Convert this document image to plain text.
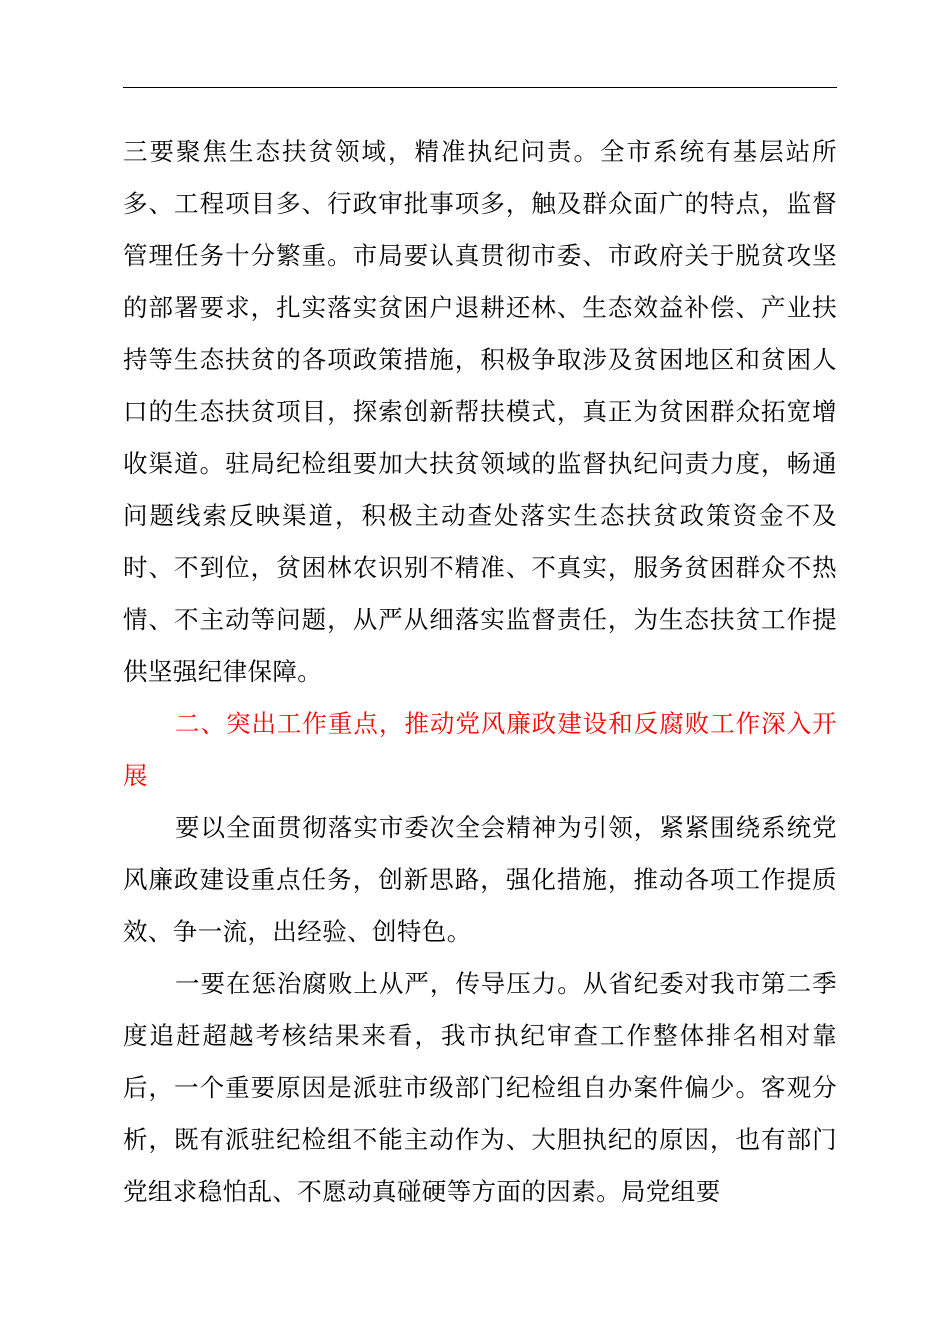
三要聚焦生态扶贫领域，精准执纪问责。全市系统有基层站所多、工程项目多、行政审批事项多，触及群众面广的特点，监督管理任务十分繁重。市局要认真贯彻市委、市政府关于脱贫攻坚的部署要求，扎实落实贫困户退耕还林、生态效益补偿、产业扶持等生态扶贫的各项政策措施，积极争取涉及贫困地区和贫困人口的生态扶贫项目，探索创新帮扶模式，真正为贫困群众拓宽增收渠道。驻局纪检组要加大扶贫领域的监督执纪问责力度，畅通问题线索反映渠道，积极主动查处落实生态扶贫政策资金不及时、不到位，贫困林农识别不精准、不真实，服务贫困群众不热情、不主动等问题，从严从细落实监督责任，为生态扶贫工作提供坚强纪律保障。

二、突出工作重点，推动党风廉政建设和反腐败工作深入开展

要以全面贯彻落实市委次全会精神为引领，紧紧围绕系统党风廉政建设重点任务，创新思路，强化措施，推动各项工作提质效、争一流，出经验、创特色。

一要在惩治腐败上从严，传导压力。从省纪委对我市第二季度追赶超越考核结果来看，我市执纪审查工作整体排名相对靠后，一个重要原因是派驻市级部门纪检组自办案件偏少。客观分析，既有派驻纪检组不能主动作为、大胆执纪的原因，也有部门党组求稳怕乱、不愿动真碰硬等方面的因素。局党组要
